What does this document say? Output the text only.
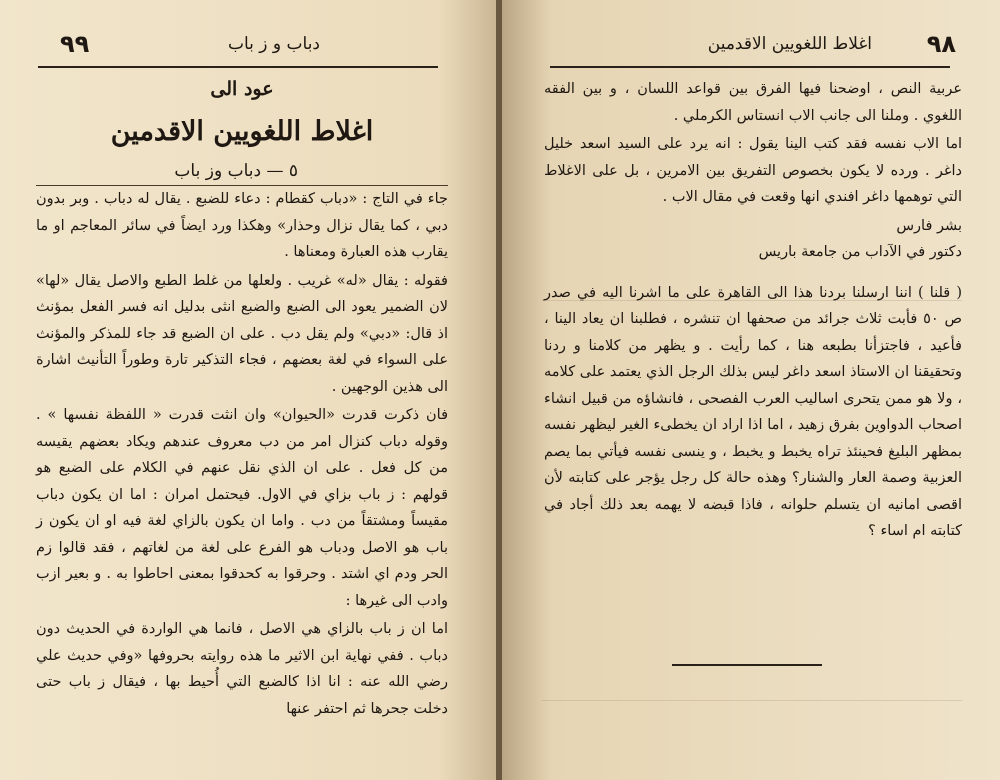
٩٩	دباب و ز باب
عود الى
اغلاط اللغويين الاقدمين
٥ — دباب وز باب

جاء في التاج : «دباب كقطام : دعاء للضبع . يقال له دباب . وبر بدون دبي ، كما يقال نزال وحذار» وهكذا ورد ايضاً في سائر المعاجم او ما يقارب هذه العبارة ومعناها .

فقوله : يقال «له» غريب . ولعلها من غلط الطبع والاصل يقال «لها» لان الضمير يعود الى الضبع والضبع انثى بدليل انه فسر الفعل بمؤنث اذ قال: «دبي» ولم يقل دب . على ان الضبع قد جاء للمذكر والمؤنث على السواء في لغة بعضهم ، فجاء التذكير تارة وطوراً التأنيث اشارة الى هذين الوجهين .

فان ذكرت قدرت «الحيوان» وان انثت قدرت « اللفظة نفسها » . وقوله دباب كنزال امر من دب معروف عندهم ويكاد بعضهم يقيسه من كل فعل . على ان الذي نقل عنهم في الكلام على الضبع هو قولهم : ز باب بزاي في الاول. فيحتمل امران : اما ان يكون دباب مقيساً ومشتقاً من دب . واما ان يكون بالزاي لغة فيه او ان يكون ز باب هو الاصل ودباب هو الفرع على لغة من لغاتهم ، فقد قالوا زم الحر ودم اي اشتد . وحرقوا به كحدقوا بمعنى احاطوا به . و بعير ازب وادب الى غيرها :

اما ان ز باب بالزاي هي الاصل ، فانما هي الواردة في الحديث دون دباب . ففي نهاية ابن الاثير ما هذه روايته بحروفها «وفي حديث علي رضي الله عنه : انا اذا كالضبع التي أُحيط بها ، فيقال ز باب حتى دخلت جحرها ثم احتفر عنها

اغلاط اللغويين الاقدمين ٩٨

عربية النص ، اوضحنا فيها الفرق بين قواعد اللسان ، و بين الفقه اللغوي . وملنا الى جانب الاب انستاس الكرملي .

اما الاب نفسه فقد كتب الينا يقول : انه يرد على السيد اسعد خليل داغر . ورده لا يكون بخصوص التفريق بين الامرين ، بل على الاغلاط التي توهمها داغر افندي انها وقعت في مقال الاب .

بشر فارس
دكتور في الآداب من جامعة باريس

( قلنا ) اننا ارسلنا بردنا هذا الى القاهرة على ما اشرنا اليه في صدر ص ٥٠ فأبت ثلاث جرائد من صحفها ان تنشره ، فطلبنا ان يعاد الينا ، فأعيد ، فاجتزأنا بطبعه هنا ، كما رأيت . و يظهر من كلامنا و ردنا وتحقيقنا ان الاستاذ اسعد داغر ليس بذلك الرجل الذي يعتمد على كلامه ، ولا هو ممن يتحرى اساليب العرب الفصحى ، فانشاؤه من قبيل انشاء اصحاب الدواوين بفرق زهيد ، اما اذا اراد ان يخطىء الغير ليظهر نفسه بمظهر البليغ فحينئذ تراه يخبط و يخبط ، و ينسى نفسه فيأتي بما يصم العزبية وصمة العار والشنار؟ وهذه حالة كل رجل يؤجر على كتابته لأن اقصى امانيه ان يتسلم حلوانه ، فاذا قبضه لا يهمه بعد ذلك أجاد في كتابته ام اساء ؟
